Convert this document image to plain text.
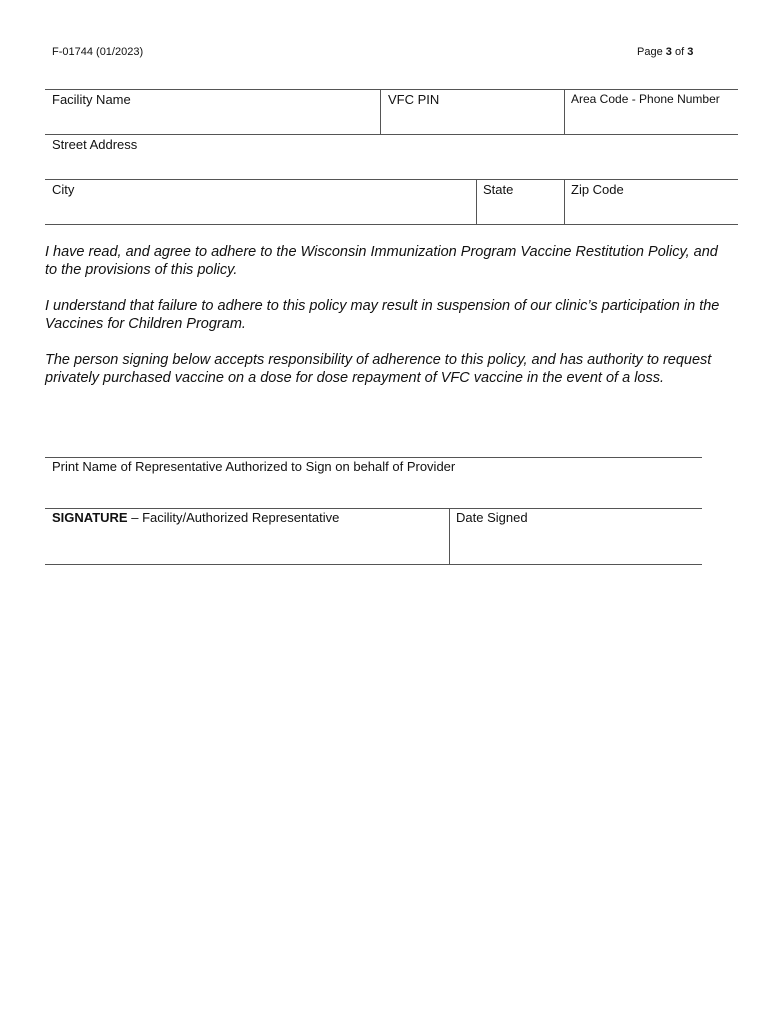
F-01744 (01/2023)	Page 3 of 3
Facility Name	VFC PIN	Area Code - Phone Number
Street Address
City	State	Zip Code
I have read, and agree to adhere to the Wisconsin Immunization Program Vaccine Restitution Policy, and to the provisions of this policy.
I understand that failure to adhere to this policy may result in suspension of our clinic’s participation in the Vaccines for Children Program.
The person signing below accepts responsibility of adherence to this policy, and has authority to request privately purchased vaccine on a dose for dose repayment of VFC vaccine in the event of a loss.
Print Name of Representative Authorized to Sign on behalf of Provider
SIGNATURE – Facility/Authorized Representative	Date Signed
